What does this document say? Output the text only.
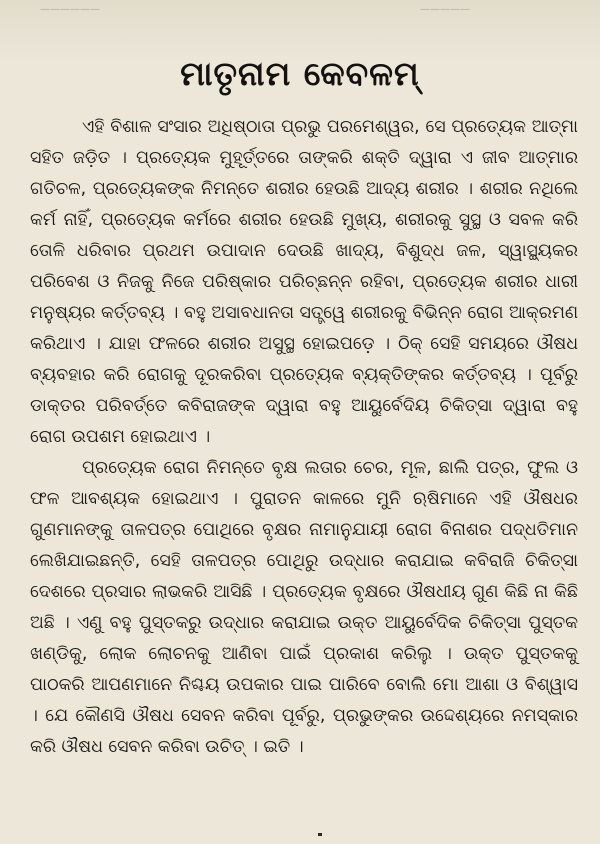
——————	—————
ମାତୃନାମ କେବଳମ୍

ଏହି ବିଶାଳ ସଂସାର ଅଧିଷ୍ଠାତା ପ୍ରଭୁ ପରମେଶ୍ୱର, ସେ ପ୍ରତ୍ୟେକ ଆତ୍ମା ସହିତ ଜଡ଼ିତ । ପ୍ରତ୍ୟେକ ମୁହୂର୍ତ୍ତରେ ତାଙ୍କରି ଶକ୍ତି ଦ୍ୱାରା ଏ ଜୀବ ଆତ୍ମାର ଗତିଚଳ, ପ୍ରତ୍ୟେକଙ୍କ ନିମନ୍ତେ ଶରୀର ହେଉଛି ଆଦ୍ୟ ଶରୀର । ଶରୀର ନଥିଲେ କର୍ମ ନାହିଁ, ପ୍ରତ୍ୟେକ କର୍ମରେ ଶରୀର ହେଉଛି ମୁଖ୍ୟ, ଶରୀରକୁ ସୁସ୍ଥ ଓ ସବଳ କରି ତୋଳି ଧରିବାର ପ୍ରଥମ ଉପାଦାନ ଦେଉଛି ଖାଦ୍ୟ, ବିଶୁଦ୍ଧ ଜଳ, ସ୍ୱାସ୍ଥ୍ୟକର ପରିବେଶ ଓ ନିଜକୁ ନିଜେ ପରିଷ୍କାର ପରିଚ୍ଛନ୍ନ ରହିବା, ପ୍ରତ୍ୟେକ ଶରୀର ଧାରୀ ମନୁଷ୍ୟର କର୍ତ୍ତବ୍ୟ । ବହୁ ଅସାବଧାନତା ସତ୍ତ୍ୱେ ଶରୀରକୁ ବିଭିନ୍ନ ରୋଗ ଆକ୍ରମଣ କରିଥାଏ । ଯାହା ଫଳରେ ଶରୀର ଅସୁସ୍ଥ ହୋଇପଡ଼େ । ଠିକ୍ ସେହି ସମୟରେ ଔଷଧ ବ୍ୟବହାର କରି ରୋଗକୁ ଦୂରକରିବା ପ୍ରତ୍ୟେକ ବ୍ୟକ୍ତିଙ୍କର କର୍ତ୍ତବ୍ୟ । ପୂର୍ବରୁ ଡାକ୍ତର ପରିବର୍ତ୍ତେ କବିରାଜଙ୍କ ଦ୍ୱାରା ବହୁ ଆୟୁର୍ବେଦିୟ ଚିକିତ୍ସା ଦ୍ୱାରା ବହୁ ରୋଗ ଉପଶମ ହୋଇଥାଏ ।

ପ୍ରତ୍ୟେକ ରୋଗ ନିମନ୍ତେ ବୃକ୍ଷ ଲତାର ଚେର, ମୂଳ, ଛାଲି ପତ୍ର, ଫୁଲ ଓ ଫଳ ଆବଶ୍ୟକ ହୋଇଥାଏ । ପୁରାତନ କାଳରେ ମୁନି ଋଷିମାନେ ଏହି ଔଷଧର ଗୁଣମାନଙ୍କୁ ତାଳପତ୍ର ପୋଥିରେ ବୃକ୍ଷର ନାମାନୁଯାୟୀ ରୋଗ ବିନାଶର ପଦ୍ଧତିମାନ ଲେଖିଯାଇଛନ୍ତି, ସେହି ତାଳପତ୍ର ପୋଥିରୁ ଉଦ୍ଧାର କରାଯାଇ କବିରାଜି ଚିକିତ୍ସା ଦେଶରେ ପ୍ରସାର ଲାଭକରି ଆସିଛି । ପ୍ରତ୍ୟେକ ବୃକ୍ଷରେ ଔଷଧୀୟ ଗୁଣ କିଛି ନା କିଛି ଅଛି । ଏଣୁ ବହୁ ପୁସ୍ତକରୁ ଉଦ୍ଧାର କରାଯାଇ ଉକ୍ତ ଆୟୁର୍ବେଦିକ ଚିକିତ୍ସା ପୁସ୍ତକ ଖଣ୍ଡିକୁ, ଲୋକ ଲୋଚନକୁ ଆଣିବା ପାଇଁ ପ୍ରକାଶ କରିଲୁ । ଉକ୍ତ ପୁସ୍ତକକୁ ପାଠକରି ଆପଣମାନେ ନିଶ୍ଚୟ ଉପକାର ପାଇ ପାରିବେ ବୋଲି ମୋ ଆଶା ଓ ବିଶ୍ୱାସ । ଯେ କୌଣସି ଔଷଧ ସେବନ କରିବା ପୂର୍ବରୁ, ପ୍ରଭୁଙ୍କର ଉଦ୍ଦେଶ୍ୟରେ ନମସ୍କାର କରି ଔଷଧ ସେବନ କରିବା ଉଚିତ୍ । ଇତି ।
